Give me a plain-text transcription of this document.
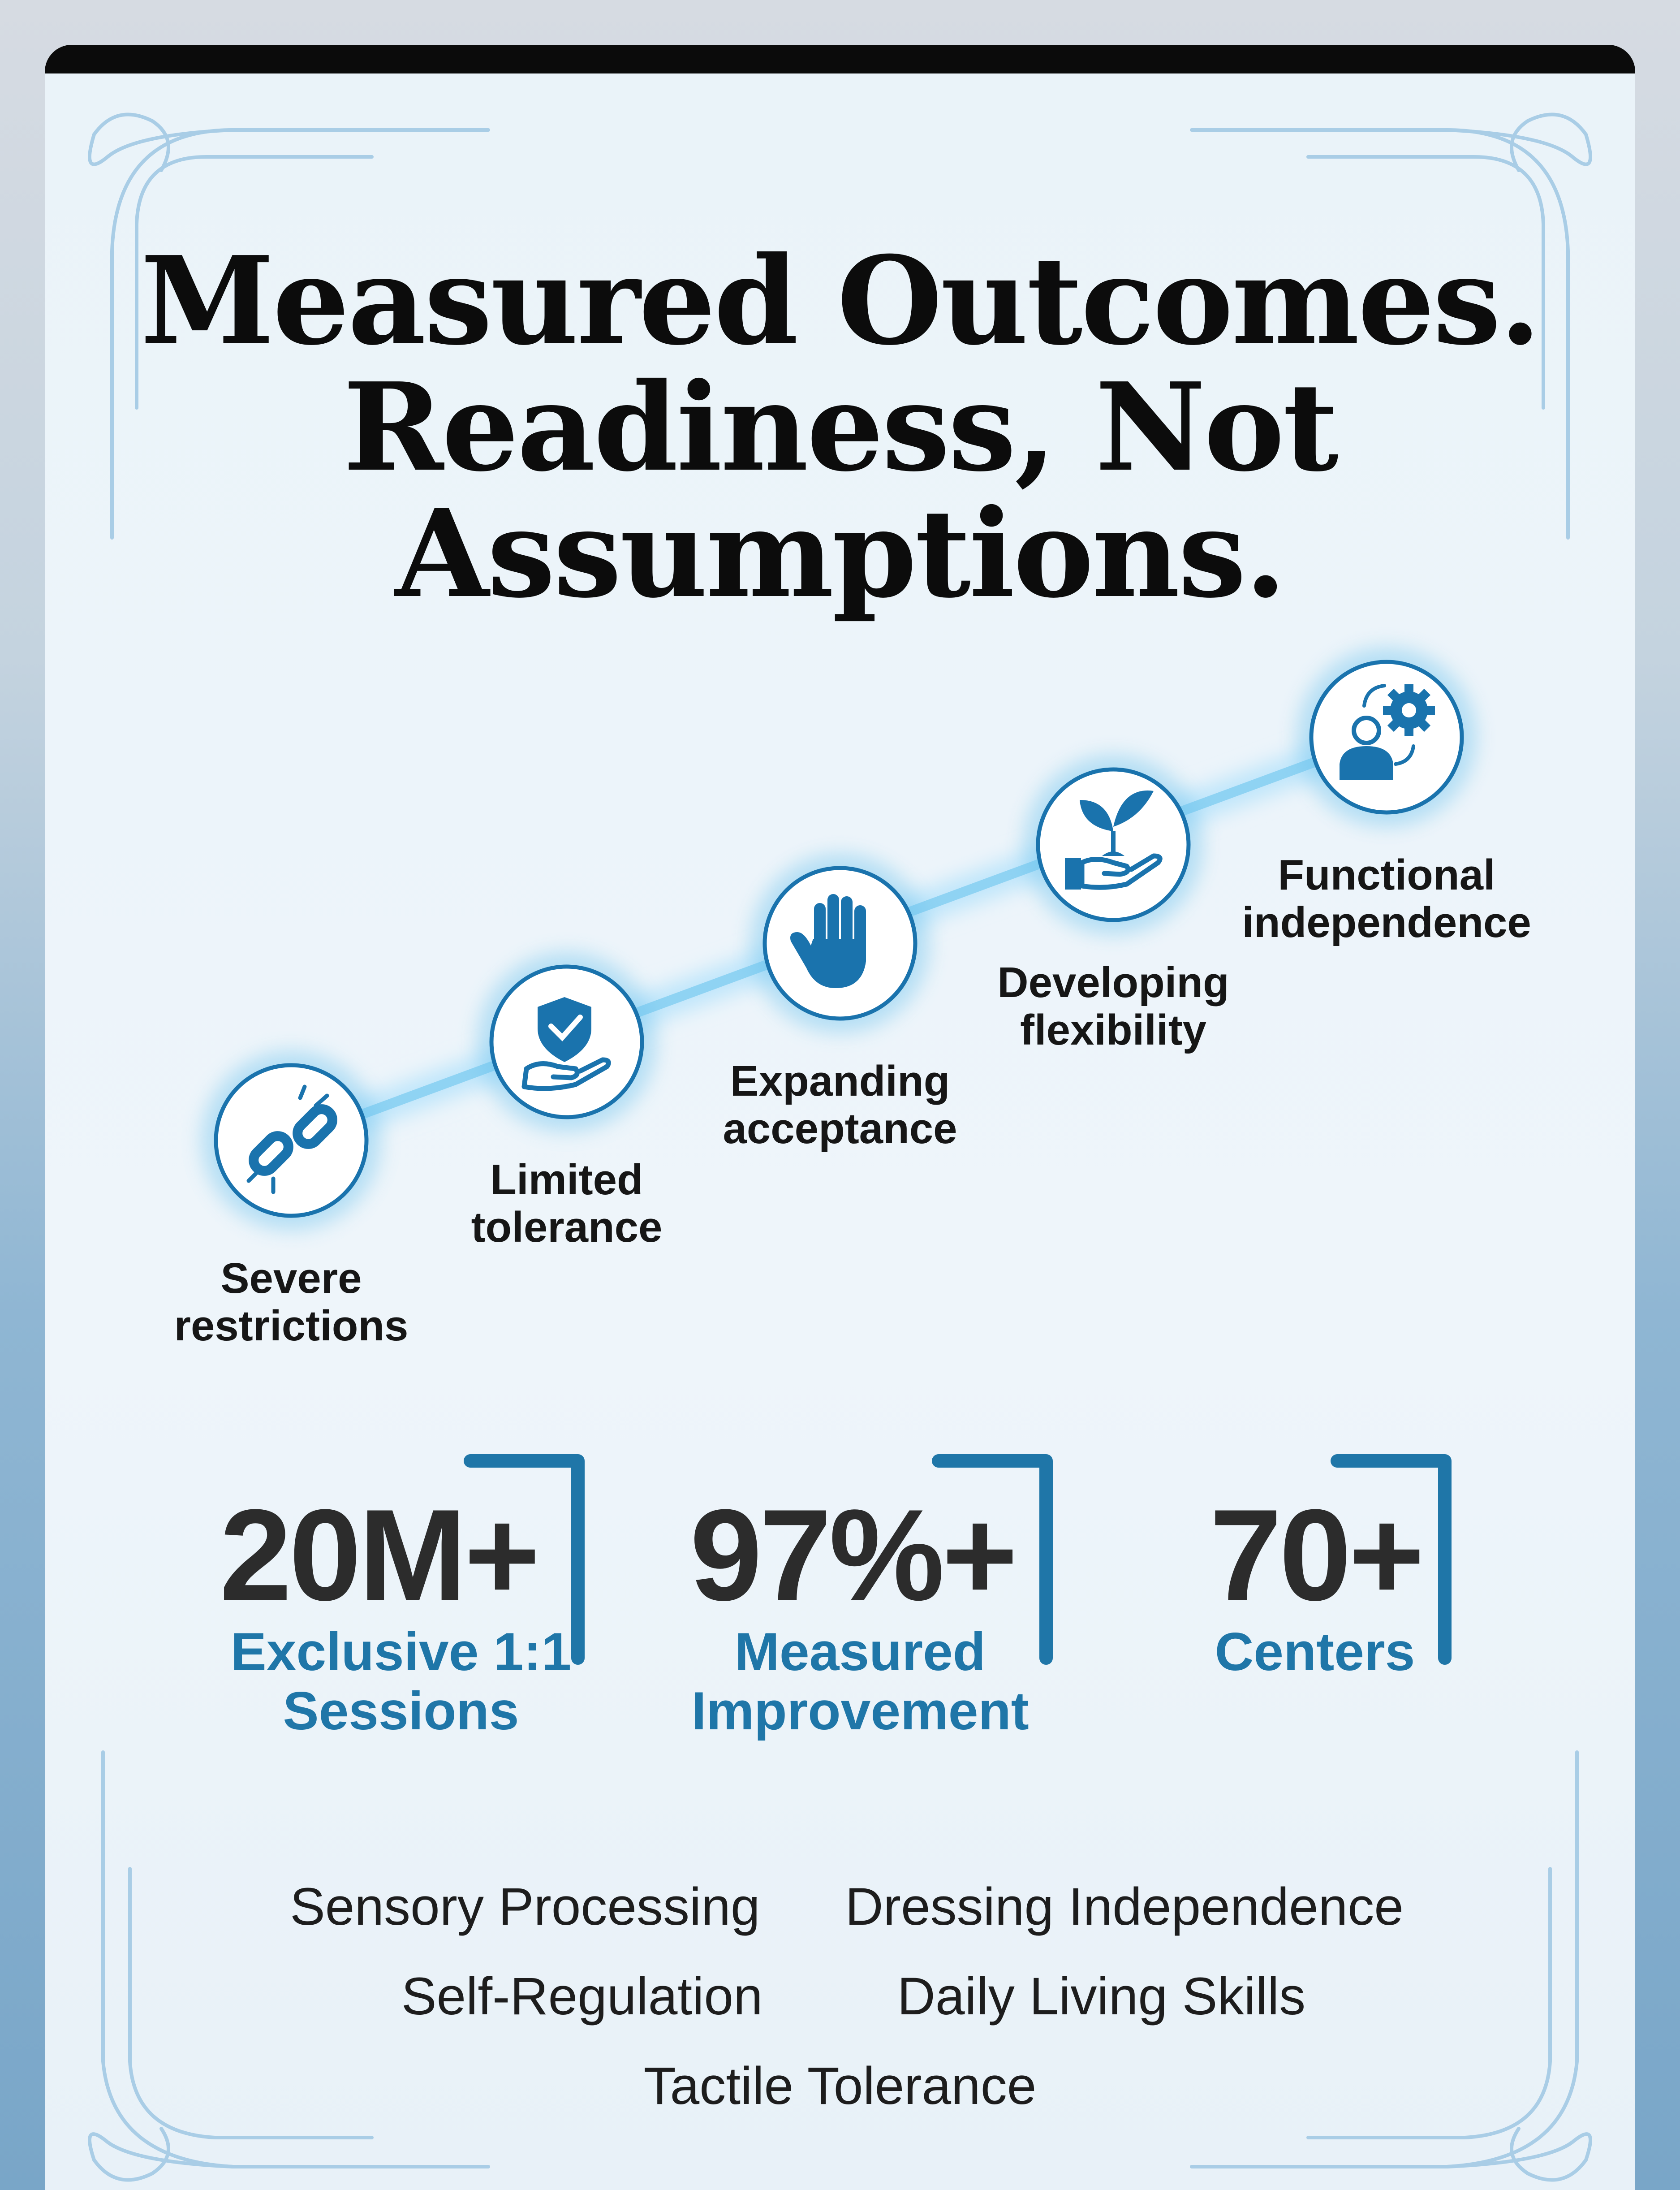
Measured Outcomes.
Readiness, Not
Assumptions.
Severe
restrictions
Limited
tolerance
Expanding
acceptance
Developing
flexibility
Functional
independence
20M+
Exclusive 1:1
Sessions
97%+
Measured
Improvement
70+
Centers
Sensory Processing Dressing Independence
Self-Regulation	Daily Living Skills
Tactile Tolerance
